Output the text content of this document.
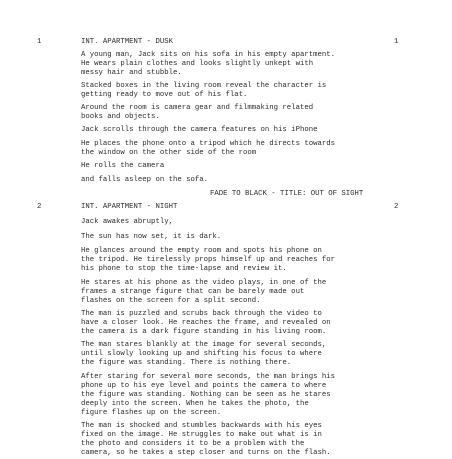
1	INT. APARTMENT - DUSK	1
A young man, Jack sits on his sofa in his empty apartment.
He wears plain clothes and looks slightly unkept with
messy hair and stubble.
Stacked boxes in the living room reveal the character is
getting ready to move out of his flat.
Around the room is camera gear and filmmaking related
books and objects.
Jack scrolls through the camera features on his iPhone
He places the phone onto a tripod which he directs towards
the window on the other side of the room
He rolls the camera
and falls asleep on the sofa.
FADE TO BLACK - TITLE: OUT OF SIGHT
2	INT. APARTMENT - NIGHT	2
Jack awakes abruptly,
The sun has now set, it is dark.
He glances around the empty room and spots his phone on
the tripod. He tirelessly props himself up and reaches for
his phone to stop the time-lapse and review it.
He stares at his phone as the video plays, in one of the
frames a strange figure that can be barely made out
flashes on the screen for a split second.
The man is puzzled and scrubs back through the video to
have a closer look. He reaches the frame, and revealed on
the camera is a dark figure standing in his living room.
The man stares blankly at the image for several seconds,
until slowly looking up and shifting his focus to where
the figure was standing. There is nothing there.
After staring for several more seconds, the man brings his
phone up to his eye level and points the camera to where
the figure was standing. Nothing can be seen as he stares
deeply into the screen. When he takes the photo, the
figure flashes up on the screen.
The man is shocked and stumbles backwards with his eyes
fixed on the image. He struggles to make out what is in
the photo and considers it to be a problem with the
camera, so he takes a step closer and turns on the flash.
